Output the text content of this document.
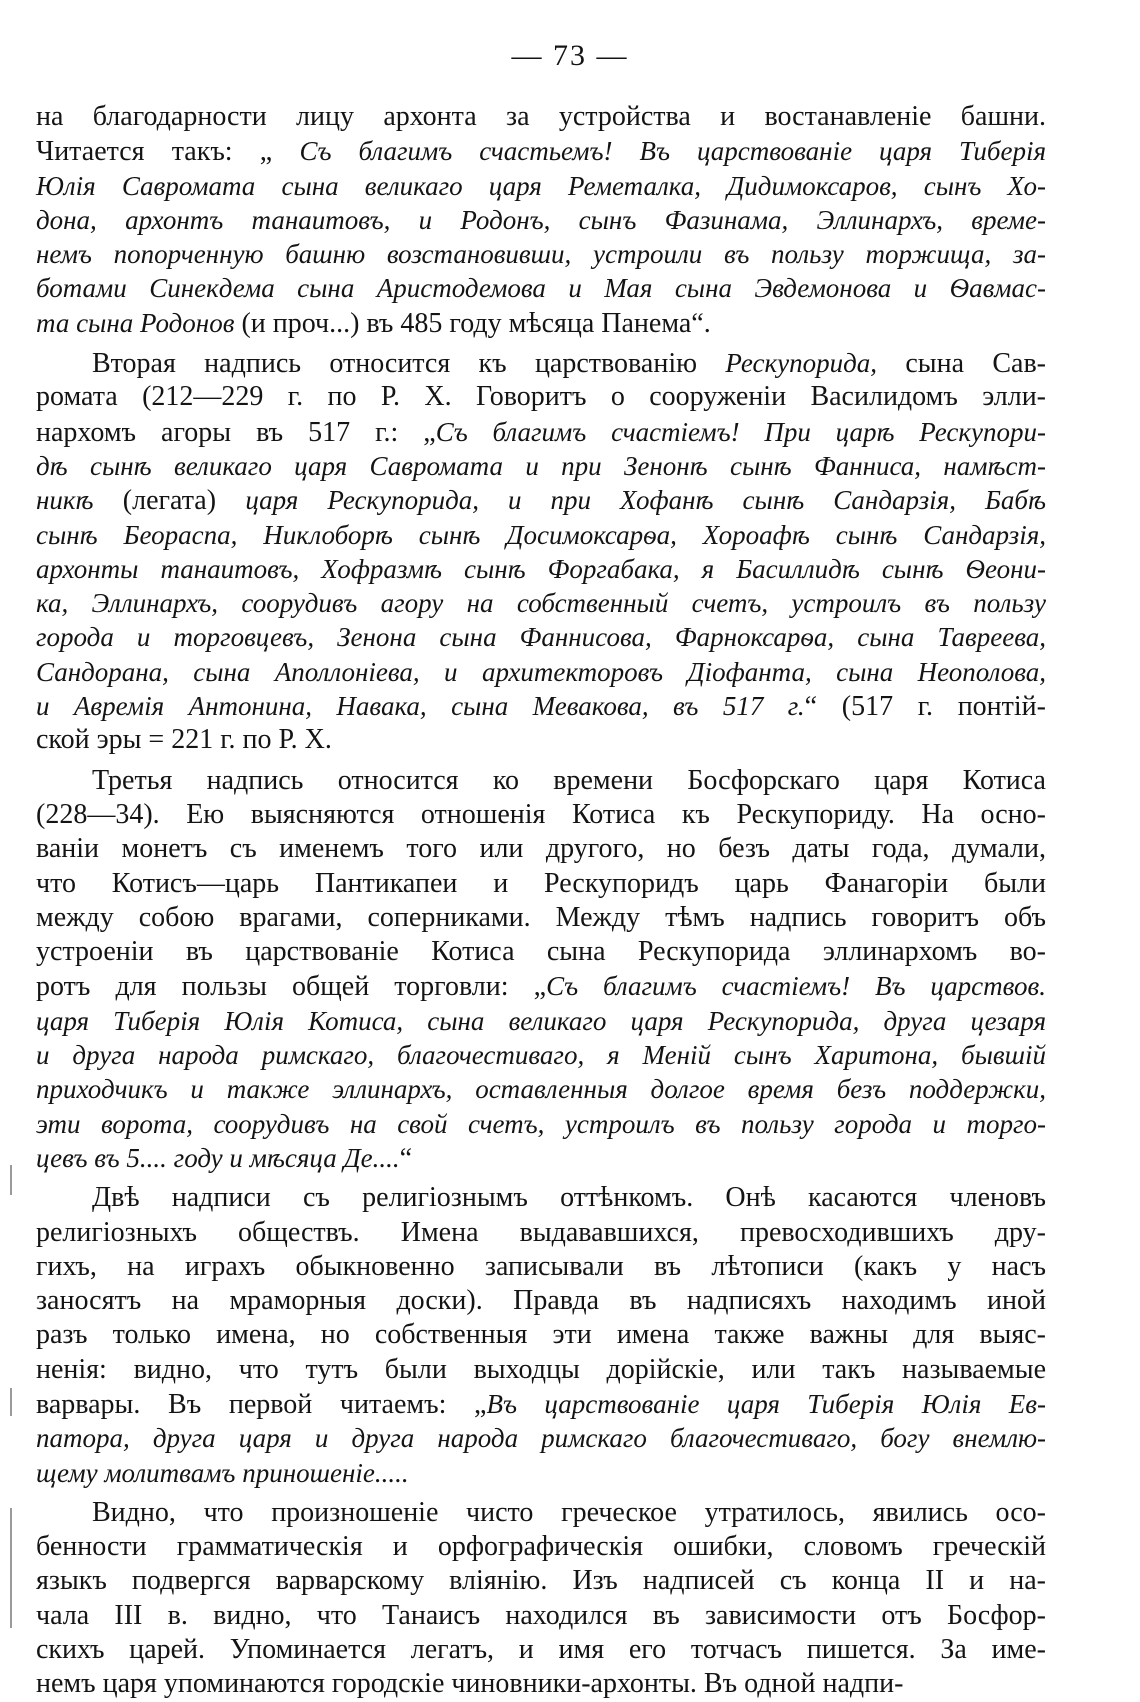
— 73 —
на благодарности лицу архонта за устройства и востанавленіе башни.
Читается такъ: „ Съ благимъ счастьемъ! Въ царствованіе царя Тиберія
Юлія Савромата сына великаго царя Реметалка, Дидимоксаров, сынъ Хо-
дона, архонтъ танаитовъ, и Родонъ, сынъ Фазинама, Эллинархъ, време-
немъ попорченную башню возстановивши, устроили въ пользу торжища, за-
ботами Синекдема сына Аристодемова и Мая сына Эвдемонова и Ѳавмас-
та сына Родонов (и проч...) въ 485 году мѣсяца Панема“.
Вторая надпись относится къ царствованію Рескупорида, сына Сав-
ромата (212—229 г. по Р. Х. Говоритъ о сооруженіи Василидомъ элли-
нархомъ агоры въ 517 г.: „Съ благимъ счастіемъ! При царѣ Рескупори-
дѣ сынѣ великаго царя Савромата и при Зенонѣ сынѣ Фанниса, намѣст-
никѣ (легата) царя Рескупорида, и при Хофанѣ сынѣ Сандарзія, Бабѣ
сынѣ Беораспа, Никлобоpѣ сынѣ Досимоксарѳа, Хороафѣ сынѣ Сандарзія,
архонты танаитовъ, Хофразмѣ сынѣ Форгабака, я Басиллидѣ сынѣ Ѳеони-
ка, Эллинархъ, соорудивъ агору на собственный счетъ, устроилъ въ пользу
города и торговцевъ, Зенона сына Фаннисова, Фарноксарѳа, сына Тавреева,
Сандорана, сына Аполлоніева, и архитекторовъ Діофанта, сына Неополова,
и Авремія Антонина, Навака, сына Мевакова, въ 517 г.“ (517 г. понтій-
ской эры = 221 г. по Р. Х.
Третья надпись относится ко времени Босфорскаго царя Котиса
(228—34). Ею выясняются отношенія Котиса къ Рескупориду. На осно-
ваніи монетъ съ именемъ того или другого, но безъ даты года, думали,
что Котисъ—царь Пантикапеи и Рескупоридъ царь Фанагоріи были
между собою врагами, соперниками. Между тѣмъ надпись говоритъ объ
устроеніи въ царствованіе Котиса сына Рескупорида эллинархомъ во-
ротъ для пользы общей торговли: „Съ благимъ счастіемъ! Въ царствов.
царя Тиберія Юлія Котиса, сына великаго царя Рескупорида, друга цезаря
и друга народа римскаго, благочестиваго, я Меній сынъ Харитона, бывшій
приходчикъ и также эллинархъ, оставленныя долгое время безъ поддержки,
эти ворота, соорудивъ на свой счетъ, устроилъ въ пользу города и торго-
цевъ въ 5.... году и мѣсяца Де....“
Двѣ надписи съ религіознымъ оттѣнкомъ. Онѣ касаются членовъ
религіозныхъ обществъ. Имена выдававшихся, превосходившихъ дру-
гихъ, на играхъ обыкновенно записывали въ лѣтописи (какъ у насъ
заносятъ на мраморныя доски). Правда въ надписяхъ находимъ иной
разъ только имена, но собственныя эти имена также важны для выяс-
ненія: видно, что тутъ были выходцы дорійскіе, или такъ называемые
варвары. Въ первой читаемъ: „Въ царствованіе царя Тиберія Юлія Ев-
патора, друга царя и друга народа римскаго благочестиваго, богу внемлю-
щему молитвамъ приношеніе.....
Видно, что произношеніе чисто греческое утратилось, явились осо-
бенности грамматическія и орфографическія ошибки, словомъ греческій
языкъ подвергся варварскому вліянію. Изъ надписей съ конца II и на-
чала III в. видно, что Танаисъ находился въ зависимости отъ Босфор-
скихъ царей. Упоминается легатъ, и имя его тотчасъ пишется. За име-
немъ царя упоминаются городскіе чиновники-архонты. Въ одной надпи-
